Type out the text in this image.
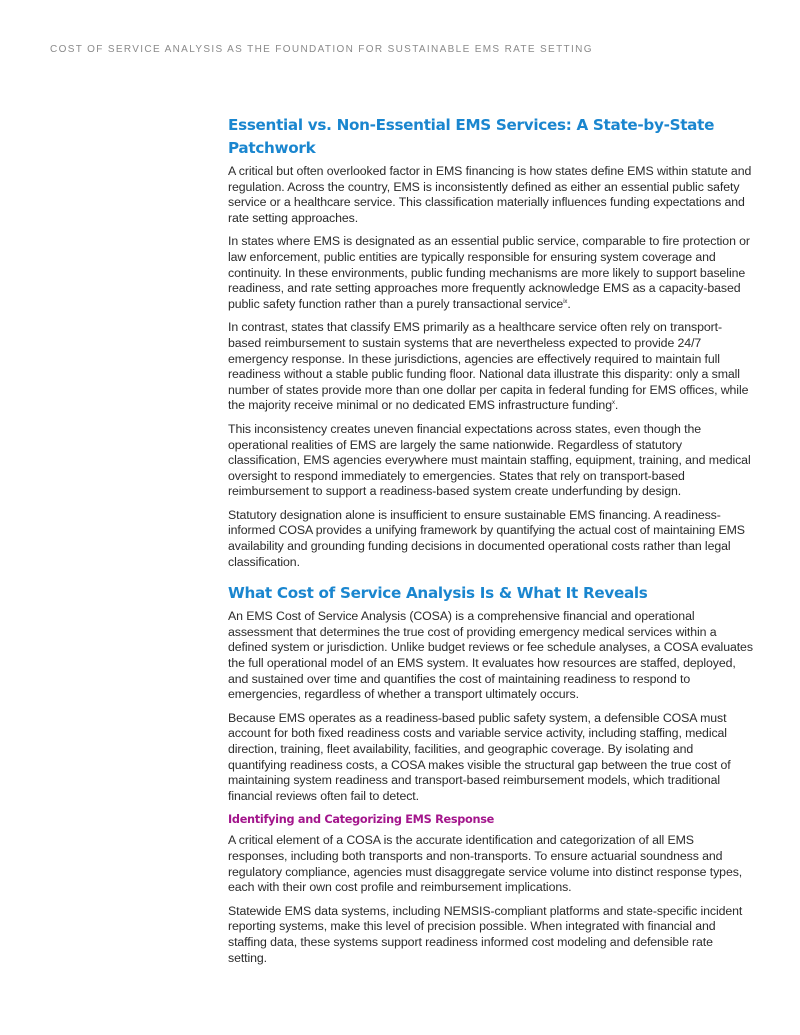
COST OF SERVICE ANALYSIS AS THE FOUNDATION FOR SUSTAINABLE EMS RATE SETTING
Essential vs. Non-Essential EMS Services: A State-by-State Patchwork

A critical but often overlooked factor in EMS financing is how states define EMS within statute and regulation. Across the country, EMS is inconsistently defined as either an essential public safety service or a healthcare service. This classification materially influences funding expectations and rate setting approaches.

In states where EMS is designated as an essential public service, comparable to fire protection or law enforcement, public entities are typically responsible for ensuring system coverage and continuity. In these environments, public funding mechanisms are more likely to support baseline readiness, and rate setting approaches more frequently acknowledge EMS as a capacity-based public safety function rather than a purely transactional service$^{ix}$.

In contrast, states that classify EMS primarily as a healthcare service often rely on transport-based reimbursement to sustain systems that are nevertheless expected to provide 24/7 emergency response. In these jurisdictions, agencies are effectively required to maintain full readiness without a stable public funding floor. National data illustrate this disparity: only a small number of states provide more than one dollar per capita in federal funding for EMS offices, while the majority receive minimal or no dedicated EMS infrastructure funding$^x$.

This inconsistency creates uneven financial expectations across states, even though the operational realities of EMS are largely the same nationwide. Regardless of statutory classification, EMS agencies everywhere must maintain staffing, equipment, training, and medical oversight to respond immediately to emergencies. States that rely on transport-based reimbursement to support a readiness-based system create underfunding by design.

Statutory designation alone is insufficient to ensure sustainable EMS financing. A readiness-informed COSA provides a unifying framework by quantifying the actual cost of maintaining EMS availability and grounding funding decisions in documented operational costs rather than legal classification.

What Cost of Service Analysis Is & What It Reveals

An EMS Cost of Service Analysis (COSA) is a comprehensive financial and operational assessment that determines the true cost of providing emergency medical services within a defined system or jurisdiction. Unlike budget reviews or fee schedule analyses, a COSA evaluates the full operational model of an EMS system. It evaluates how resources are staffed, deployed, and sustained over time and quantifies the cost of maintaining readiness to respond to emergencies, regardless of whether a transport ultimately occurs.

Because EMS operates as a readiness-based public safety system, a defensible COSA must account for both fixed readiness costs and variable service activity, including staffing, medical direction, training, fleet availability, facilities, and geographic coverage. By isolating and quantifying readiness costs, a COSA makes visible the structural gap between the true cost of maintaining system readiness and transport-based reimbursement models, which traditional financial reviews often fail to detect.

Identifying and Categorizing EMS Response

A critical element of a COSA is the accurate identification and categorization of all EMS responses, including both transports and non-transports. To ensure actuarial soundness and regulatory compliance, agencies must disaggregate service volume into distinct response types, each with their own cost profile and reimbursement implications.

Statewide EMS data systems, including NEMSIS-compliant platforms and state-specific incident reporting systems, make this level of precision possible. When integrated with financial and staffing data, these systems support readiness informed cost modeling and defensible rate setting.
